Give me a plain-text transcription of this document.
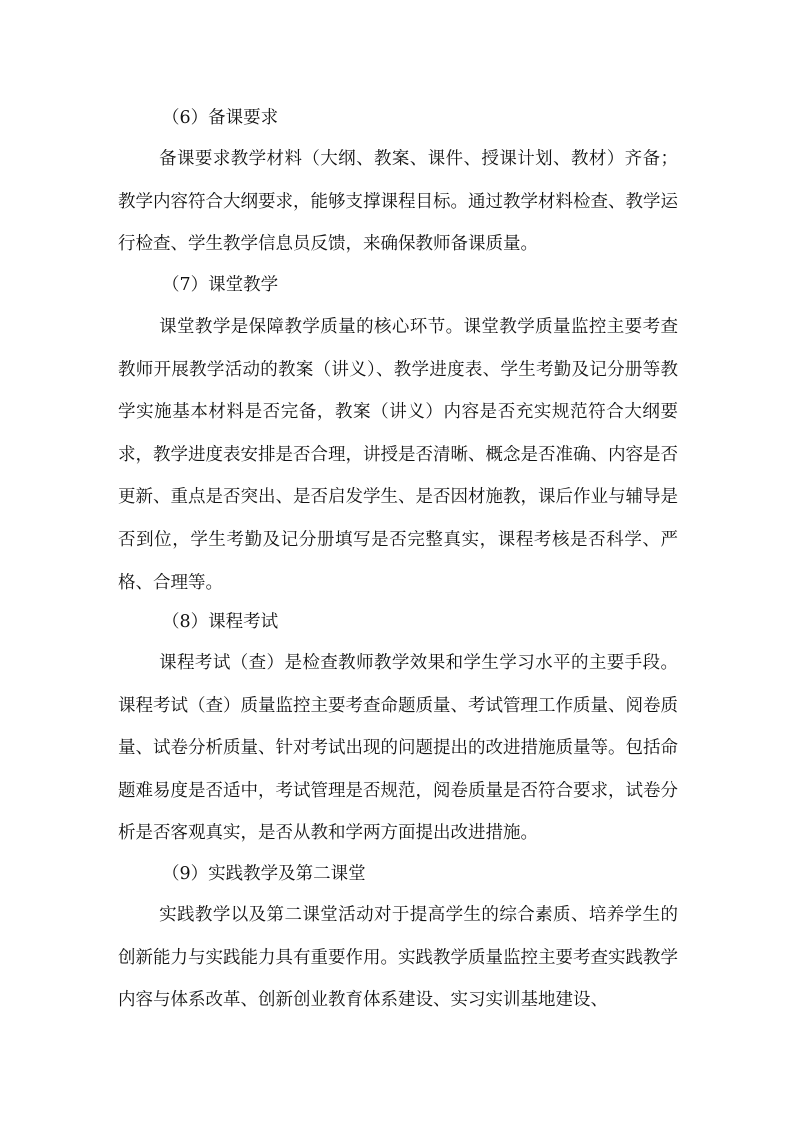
（6）备课要求

备课要求教学材料（大纲、教案、课件、授课计划、教材）齐备；教学内容符合大纲要求，能够支撑课程目标。通过教学材料检查、教学运行检查、学生教学信息员反馈，来确保教师备课质量。

（7）课堂教学

课堂教学是保障教学质量的核心环节。课堂教学质量监控主要考查教师开展教学活动的教案（讲义）、教学进度表、学生考勤及记分册等教学实施基本材料是否完备，教案（讲义）内容是否充实规范符合大纲要求，教学进度表安排是否合理，讲授是否清晰、概念是否准确、内容是否更新、重点是否突出、是否启发学生、是否因材施教，课后作业与辅导是否到位，学生考勤及记分册填写是否完整真实，课程考核是否科学、严格、合理等。

（8）课程考试

课程考试（查）是检查教师教学效果和学生学习水平的主要手段。课程考试（查）质量监控主要考查命题质量、考试管理工作质量、阅卷质量、试卷分析质量、针对考试出现的问题提出的改进措施质量等。包括命题难易度是否适中，考试管理是否规范，阅卷质量是否符合要求，试卷分析是否客观真实，是否从教和学两方面提出改进措施。

（9）实践教学及第二课堂

实践教学以及第二课堂活动对于提高学生的综合素质、培养学生的创新能力与实践能力具有重要作用。实践教学质量监控主要考查实践教学内容与体系改革、创新创业教育体系建设、实习实训基地建设、
